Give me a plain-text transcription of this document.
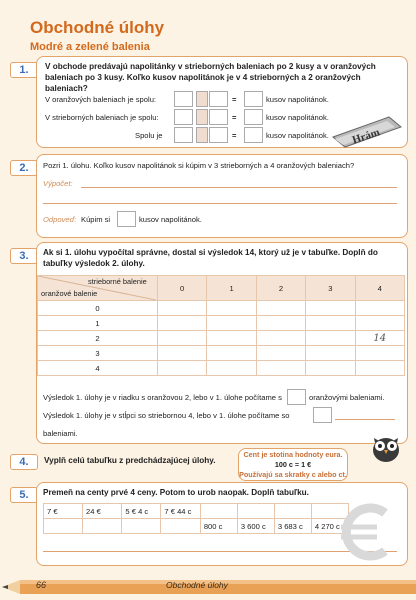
Obchodné úlohy
Modré a zelené balenia
1.	V obchode predávajú napolitánky v strieborných baleniach po 2 kusy a v oranžových baleniach po 3 kusy. Koľko kusov napolitánok je v 4 strieborných a 2 oranžových baleniach?
V oranžových baleniach je spolu:	=	kusov napolitánok.
V strieborných baleniach je spolu:	=	kusov napolitánok.
Spolu je	=	kusov napolitánok. Hrám
2.	Pozri 1. úlohu. Koľko kusov napolitánok si kúpim v 3 strieborných a 4 oranžových baleniach?
Výpočet:
Odpoveď: Kúpim si	kusov napolitánok.
3.	Ak si 1. úlohu vypočítal správne, dostal si výsledok 14, ktorý už je v tabuľke. Doplň do tabuľky výsledok 2. úlohy.
strieborné balenie
oranžové balenie	0	1	2	3	4
0					
1					
2					14
3					
4					
Výsledok 1. úlohy je v riadku s oranžovou 2, lebo v 1. úlohe počítame s	oranžovými baleniami.
Výsledok 1. úlohy je v stĺpci so striebornou 4, lebo v 1. úlohe počítame so
baleniami.
4.	Vyplň celú tabuľku z predchádzajúcej úlohy.
Cent je stotina hodnoty eura.
100 c = 1 €
Používajú sa skratky c alebo ct.
5.	Premeň na centy prvé 4 ceny. Potom to urob naopak. Doplň tabuľku.
7 €	24 €	5 € 4 c	7 € 44 c				
				800 c	3 600 c	3 683 c	4 270 c
66	Obchodné úlohy
